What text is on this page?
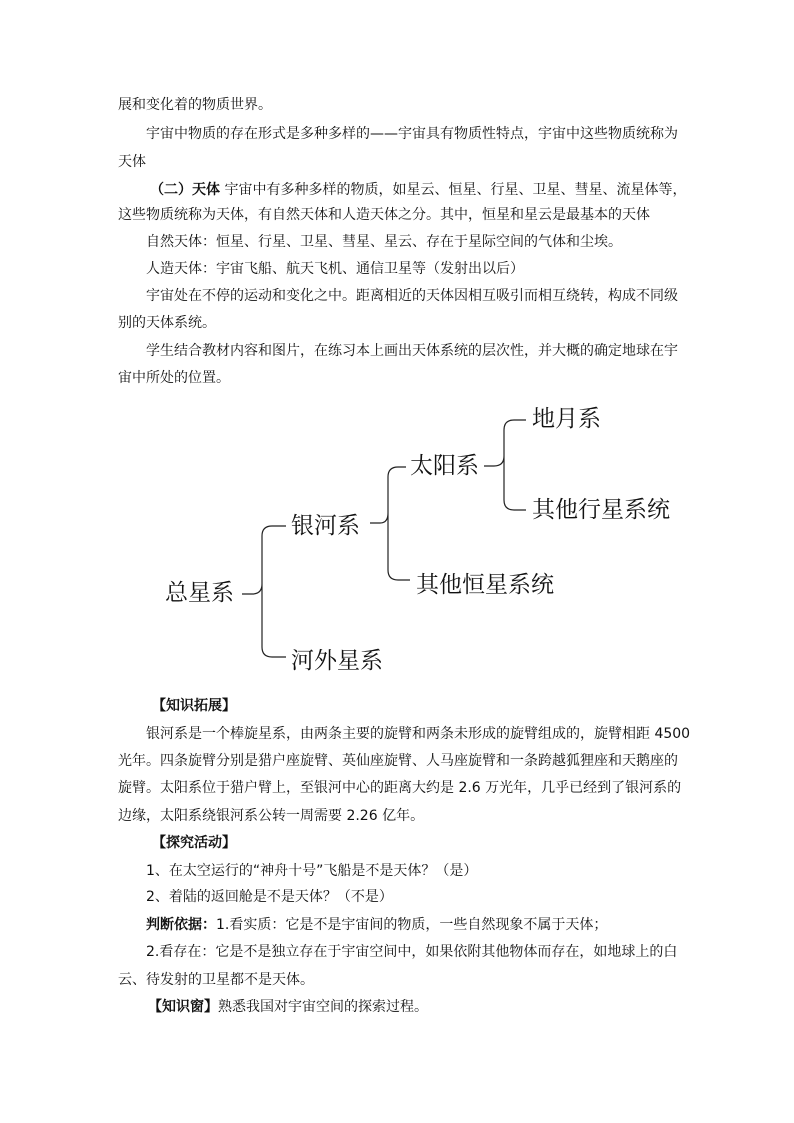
展和变化着的物质世界。
宇宙中物质的存在形式是多种多样的——宇宙具有物质性特点，宇宙中这些物质统称为
天体
（二）天体 宇宙中有多种多样的物质，如星云、恒星、行星、卫星、彗星、流星体等，
这些物质统称为天体，有自然天体和人造天体之分。其中，恒星和星云是最基本的天体
自然天体：恒星、行星、卫星、彗星、星云、存在于星际空间的气体和尘埃。
人造天体：宇宙飞船、航天飞机、通信卫星等（发射出以后）
宇宙处在不停的运动和变化之中。距离相近的天体因相互吸引而相互绕转，构成不同级
别的天体系统。
学生结合教材内容和图片，在练习本上画出天体系统的层次性，并大概的确定地球在宇
宙中所处的位置。
总星系
银河系
河外星系
太阳系
其他恒星系统
地月系
其他行星系统
【知识拓展】
银河系是一个棒旋星系，由两条主要的旋臂和两条未形成的旋臂组成的，旋臂相距 4500
光年。四条旋臂分别是猎户座旋臂、英仙座旋臂、人马座旋臂和一条跨越狐狸座和天鹅座的
旋臂。太阳系位于猎户臂上，至银河中心的距离大约是 2.6 万光年，几乎已经到了银河系的
边缘，太阳系绕银河系公转一周需要 2.26 亿年。
【探究活动】
1、在太空运行的“神舟十号”飞船是不是天体？（是）
2、着陆的返回舱是不是天体？（不是）
判断依据：1.看实质：它是不是宇宙间的物质，一些自然现象不属于天体；
2.看存在：它是不是独立存在于宇宙空间中，如果依附其他物体而存在，如地球上的白
云、待发射的卫星都不是天体。
【知识窗】熟悉我国对宇宙空间的探索过程。
